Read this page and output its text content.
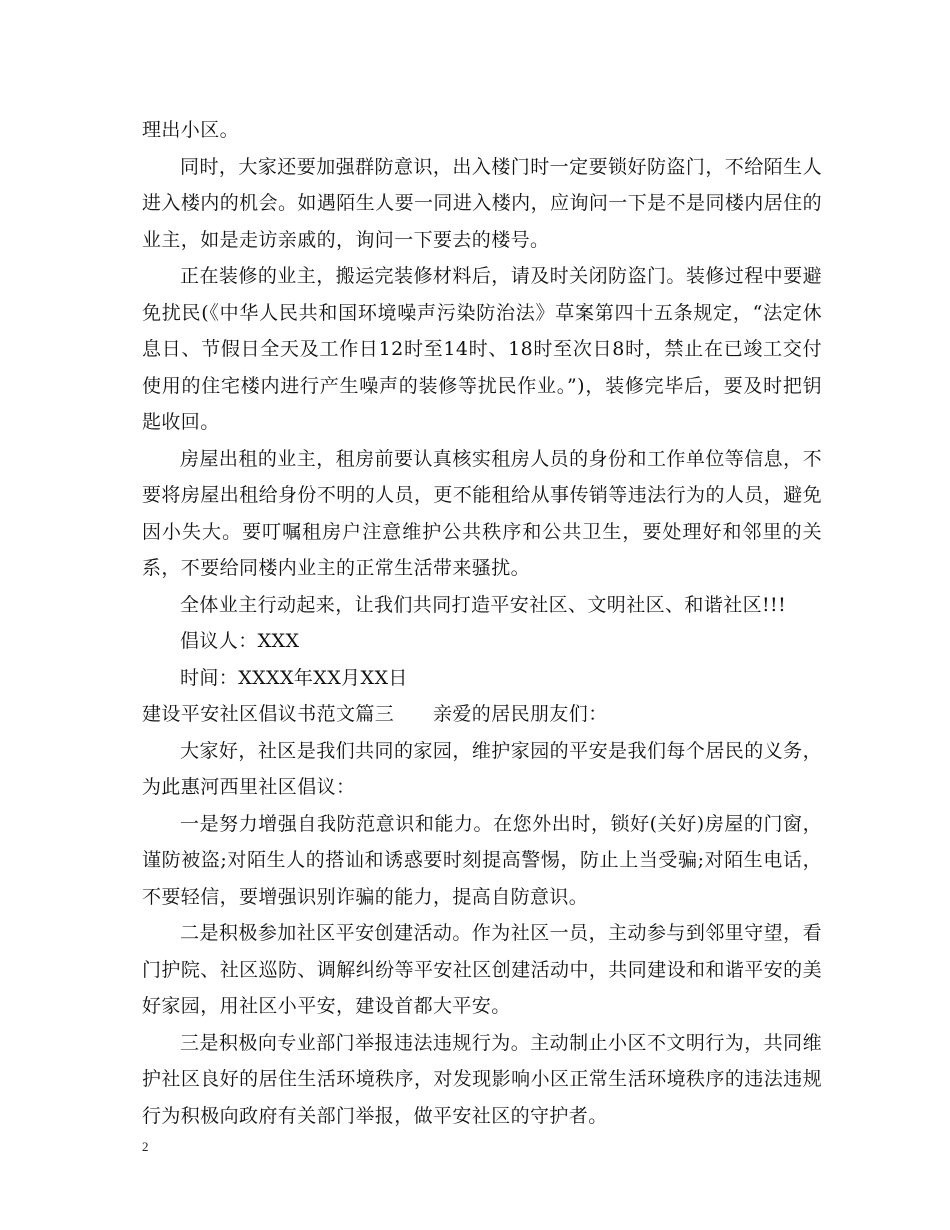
理出小区。

同时，大家还要加强群防意识，出入楼门时一定要锁好防盗门，不给陌生人进入楼内的机会。如遇陌生人要一同进入楼内，应询问一下是不是同楼内居住的业主，如是走访亲戚的，询问一下要去的楼号。

正在装修的业主，搬运完装修材料后，请及时关闭防盗门。装修过程中要避免扰民(《中华人民共和国环境噪声污染防治法》草案第四十五条规定，“法定休息日、节假日全天及工作日12时至14时、18时至次日8时，禁止在已竣工交付使用的住宅楼内进行产生噪声的装修等扰民作业。”)，装修完毕后，要及时把钥匙收回。

房屋出租的业主，租房前要认真核实租房人员的身份和工作单位等信息，不要将房屋出租给身份不明的人员，更不能租给从事传销等违法行为的人员，避免因小失大。要叮嘱租房户注意维护公共秩序和公共卫生，要处理好和邻里的关系，不要给同楼内业主的正常生活带来骚扰。

全体业主行动起来，让我们共同打造平安社区、文明社区、和谐社区!!!

倡议人：XXX

时间：XXXX年XX月XX日

建设平安社区倡议书范文篇三　　亲爱的居民朋友们：

大家好，社区是我们共同的家园，维护家园的平安是我们每个居民的义务，为此惠河西里社区倡议：

一是努力增强自我防范意识和能力。在您外出时，锁好(关好)房屋的门窗，谨防被盗;对陌生人的搭讪和诱惑要时刻提高警惕，防止上当受骗;对陌生电话，不要轻信，要增强识别诈骗的能力，提高自防意识。

二是积极参加社区平安创建活动。作为社区一员，主动参与到邻里守望，看门护院、社区巡防、调解纠纷等平安社区创建活动中，共同建设和和谐平安的美好家园，用社区小平安，建设首都大平安。

三是积极向专业部门举报违法违规行为。主动制止小区不文明行为，共同维护社区良好的居住生活环境秩序，对发现影响小区正常生活环境秩序的违法违规行为积极向政府有关部门举报，做平安社区的守护者。

2
